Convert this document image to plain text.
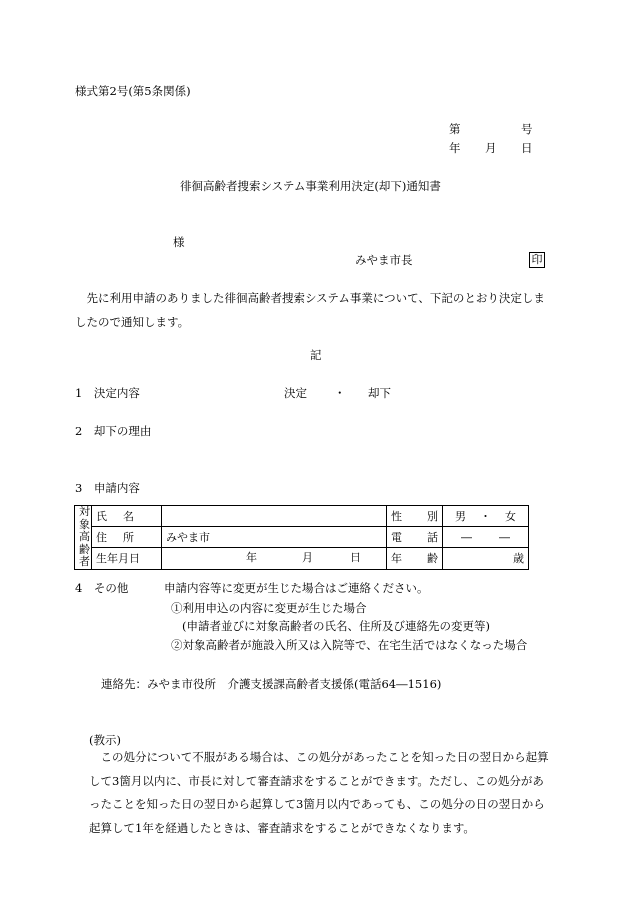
様式第2号(第5条関係)
第	号
年 月 日
徘徊高齢者捜索システム事業利用決定(却下)通知書
様
みやま市長	印
先に利用申請のありました徘徊高齢者捜索システム事業について、下記のとおり決定しましたので通知します。
記
1　決定内容	決定 ・ 却下
2　却下の理由
3　申請内容
対
象
高
齢
者	氏 名		性 別	男 ・ 女

	住 所	みやま市	電 話	― ―

	生年月日	年 月 日	年 齢	歳
4　その他	申請内容等に変更が生じた場合はご連絡ください。
①利用申込の内容に変更が生じた場合
(申請者並びに対象高齢者の氏名、住所及び連絡先の変更等)
②対象高齢者が施設入所又は入院等で、在宅生活ではなくなった場合
連絡先：みやま市役所　介護支援課高齢者支援係(電話64―1516)
(教示)
この処分について不服がある場合は、この処分があったことを知った日の翌日から起算して3箇月以内に、市長に対して審査請求をすることができます。ただし、この処分があったことを知った日の翌日から起算して3箇月以内であっても、この処分の日の翌日から起算して1年を経過したときは、審査請求をすることができなくなります。
